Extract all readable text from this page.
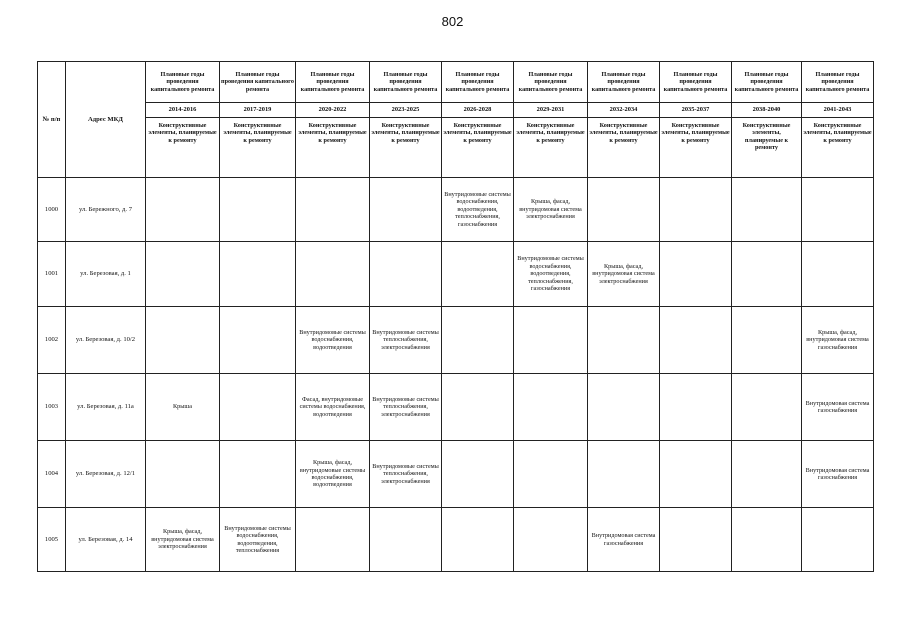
802
№ п/п	Адрес МКД	Плановые годы проведения капитального ремонта	Плановые годы проведения капитального ремонта	Плановые годы проведения капитального ремонта	Плановые годы проведения капитального ремонта	Плановые годы проведения капитального ремонта	Плановые годы проведения капитального ремонта	Плановые годы проведения капитального ремонта	Плановые годы проведения капитального ремонта	Плановые годы проведения капитального ремонта	Плановые годы проведения капитального ремонта
		2014-2016	2017-2019	2020-2022	2023-2025	2026-2028	2029-2031	2032-2034	2035-2037	2038-2040	2041-2043
		Конструктивные элементы, планируемые к ремонту	Конструктивные элементы, планируемые к ремонту	Конструктивные элементы, планируемые к ремонту	Конструктивные элементы, планируемые к ремонту	Конструктивные элементы, планируемые к ремонту	Конструктивные элементы, планируемые к ремонту	Конструктивные элементы, планируемые к ремонту	Конструктивные элементы, планируемые к ремонту	Конструктивные элементы, планируемые к ремонту	Конструктивные элементы, планируемые к ремонту
1000	ул. Бережного, д. 7					Внутридомовые системы водоснабжения, водоотведения, теплоснабжения, газоснабжения	Крыша, фасад, внутридомовая система электроснабжения				
1001	ул. Березовая, д. 1						Внутридомовые системы водоснабжения, водоотведения, теплоснабжения, газоснабжения	Крыша, фасад, внутридомовая система электроснабжения			
1002	ул. Березовая, д. 10/2			Внутридомовые системы водоснабжения, водоотведения	Внутридомовые системы теплоснабжения, электроснабжения						Крыша, фасад, внутридомовая система газоснабжения
1003	ул. Березовая, д. 11а	Крыша		Фасад, внутридомовые системы водоснабжения, водоотведения	Внутридомовые системы теплоснабжения, электроснабжения						Внутридомовая система газоснабжения
1004	ул. Березовая, д. 12/1			Крыша, фасад, внутридомовые системы водоснабжения, водоотведения	Внутридомовые системы теплоснабжения, электроснабжения						Внутридомовая система газоснабжения
1005	ул. Березовая, д. 14	Крыша, фасад, внутридомовая система электроснабжения	Внутридомовые системы водоснабжения, водоотведения, теплоснабжения					Внутридомовая система газоснабжения			
